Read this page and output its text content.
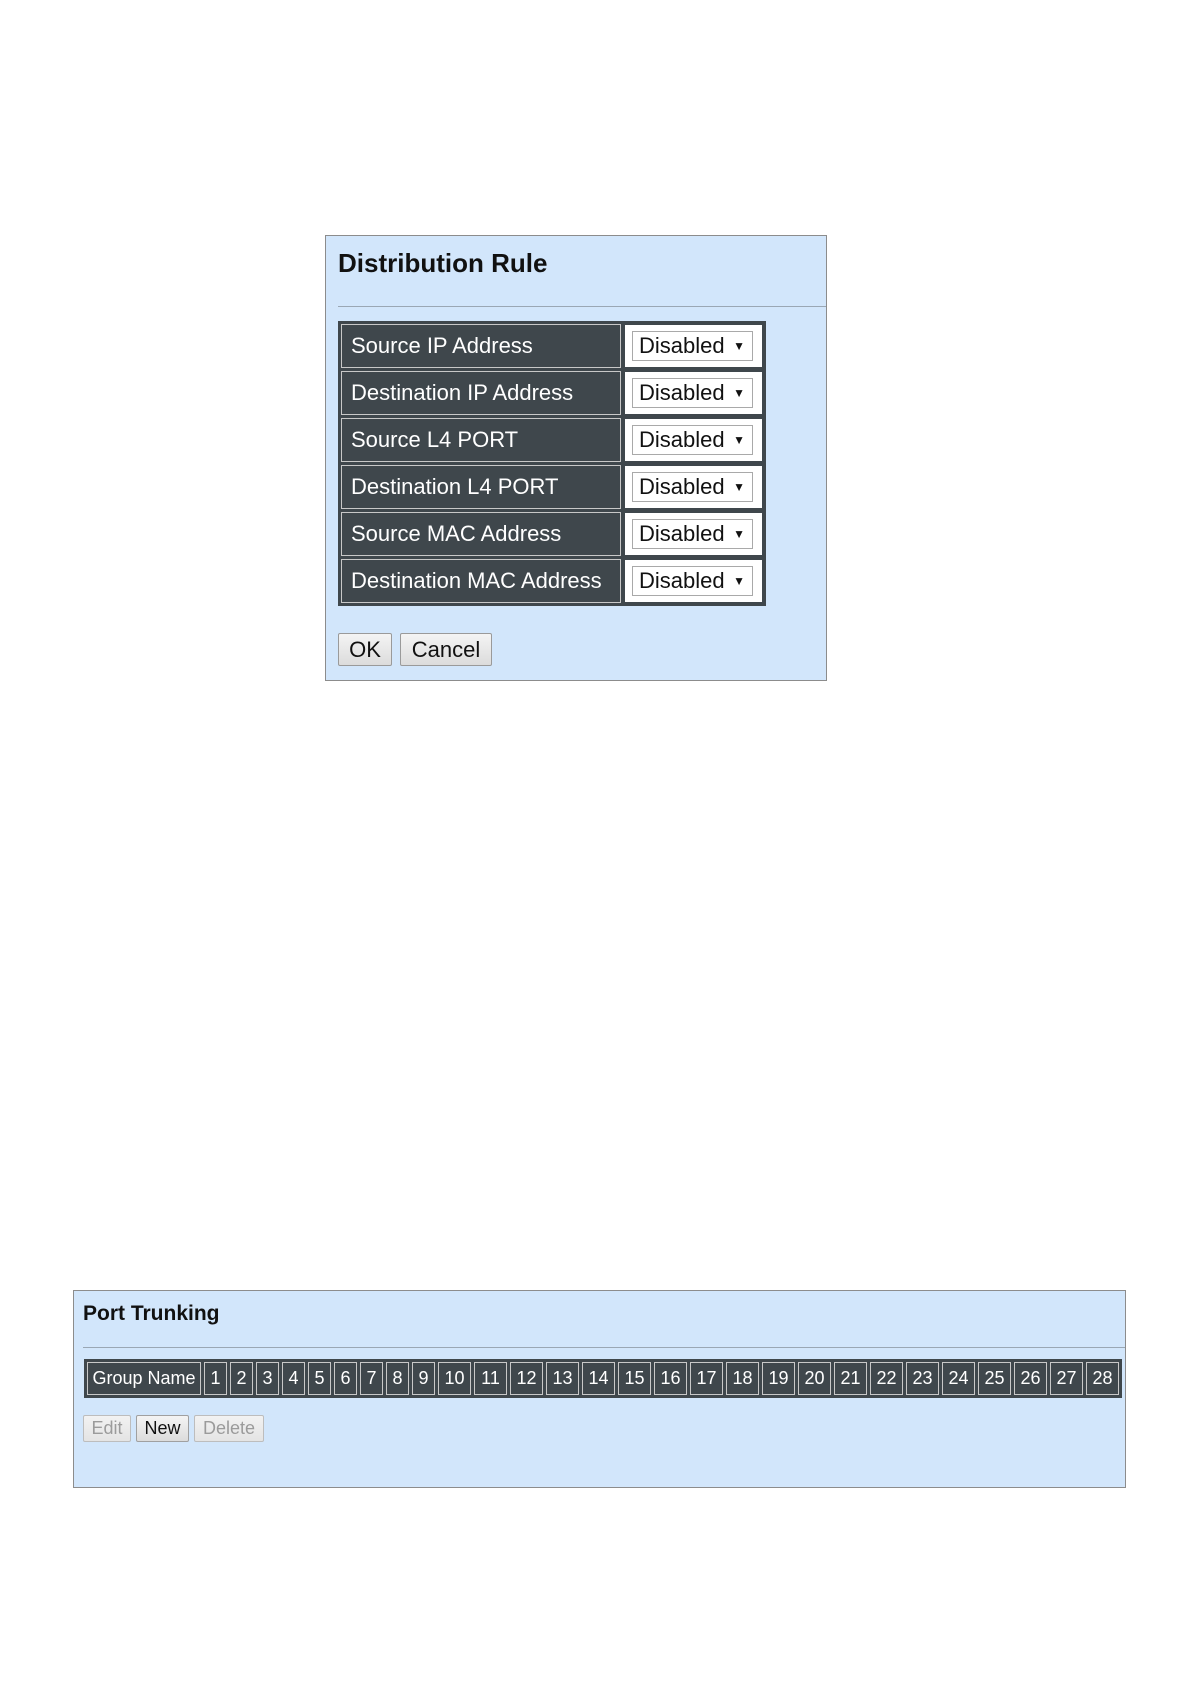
Distribution Rule
Source IP Address	Disabled ▼
Destination IP Address	Disabled ▼
Source L4 PORT	Disabled ▼
Destination L4 PORT	Disabled ▼
Source MAC Address	Disabled ▼
Destination MAC Address	Disabled ▼
OK	Cancel
Port Trunking
Group Name 1 2 3 4 5 6 7 8 9 10 11 12 13 14 15 16 17 18 19 20 21 22 23 24 25 26 27 28
Edit	New	Delete
